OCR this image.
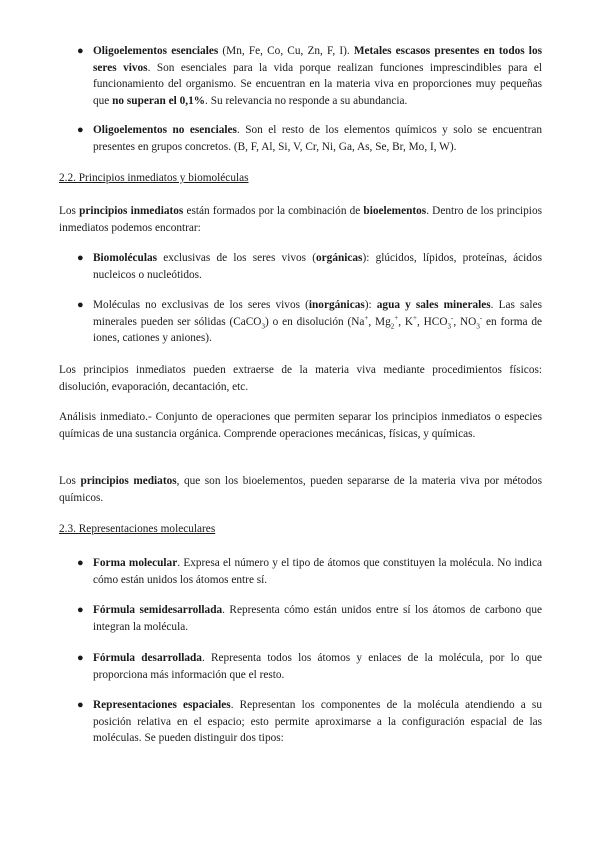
● Oligoelementos esenciales (Mn, Fe, Co, Cu, Zn, F, I). Metales escasos presentes en todos los seres vivos. Son esenciales para la vida porque realizan funciones imprescindibles para el funcionamiento del organismo. Se encuentran en la materia viva en proporciones muy pequeñas que no superan el 0,1%. Su relevancia no responde a su abundancia.

● Oligoelementos no esenciales. Son el resto de los elementos químicos y solo se encuentran presentes en grupos concretos. (B, F, Al, Si, V, Cr, Ni, Ga, As, Se, Br, Mo, I, W).

2.2. Principios inmediatos y biomoléculas

Los principios inmediatos están formados por la combinación de bioelementos. Dentro de los principios inmediatos podemos encontrar:

● Biomoléculas exclusivas de los seres vivos (orgánicas): glúcidos, lípidos, proteínas, ácidos nucleicos o nucleótidos.

● Moléculas no exclusivas de los seres vivos (inorgánicas): agua y sales minerales. Las sales minerales pueden ser sólidas (CaCO$_3$) o en disolución (Na+, $Mg_2^+$, K+, $HCO_3^-$, $NO_3^-$ en forma de iones, cationes y aniones).

Los principios inmediatos pueden extraerse de la materia viva mediante procedimientos físicos: disolución, evaporación, decantación, etc.

Análisis inmediato.- Conjunto de operaciones que permiten separar los principios inmediatos o especies químicas de una sustancia orgánica. Comprende operaciones mecánicas, físicas, y químicas.

Los principios mediatos, que son los bioelementos, pueden separarse de la materia viva por métodos químicos.

2.3. Representaciones moleculares

● Forma molecular. Expresa el número y el tipo de átomos que constituyen la molécula. No indica cómo están unidos los átomos entre sí.

● Fórmula semidesarrollada. Representa cómo están unidos entre sí los átomos de carbono que integran la molécula.

● Fórmula desarrollada. Representa todos los átomos y enlaces de la molécula, por lo que proporciona más información que el resto.

● Representaciones espaciales. Representan los componentes de la molécula atendiendo a su posición relativa en el espacio; esto permite aproximarse a la configuración espacial de las moléculas. Se pueden distinguir dos tipos:
